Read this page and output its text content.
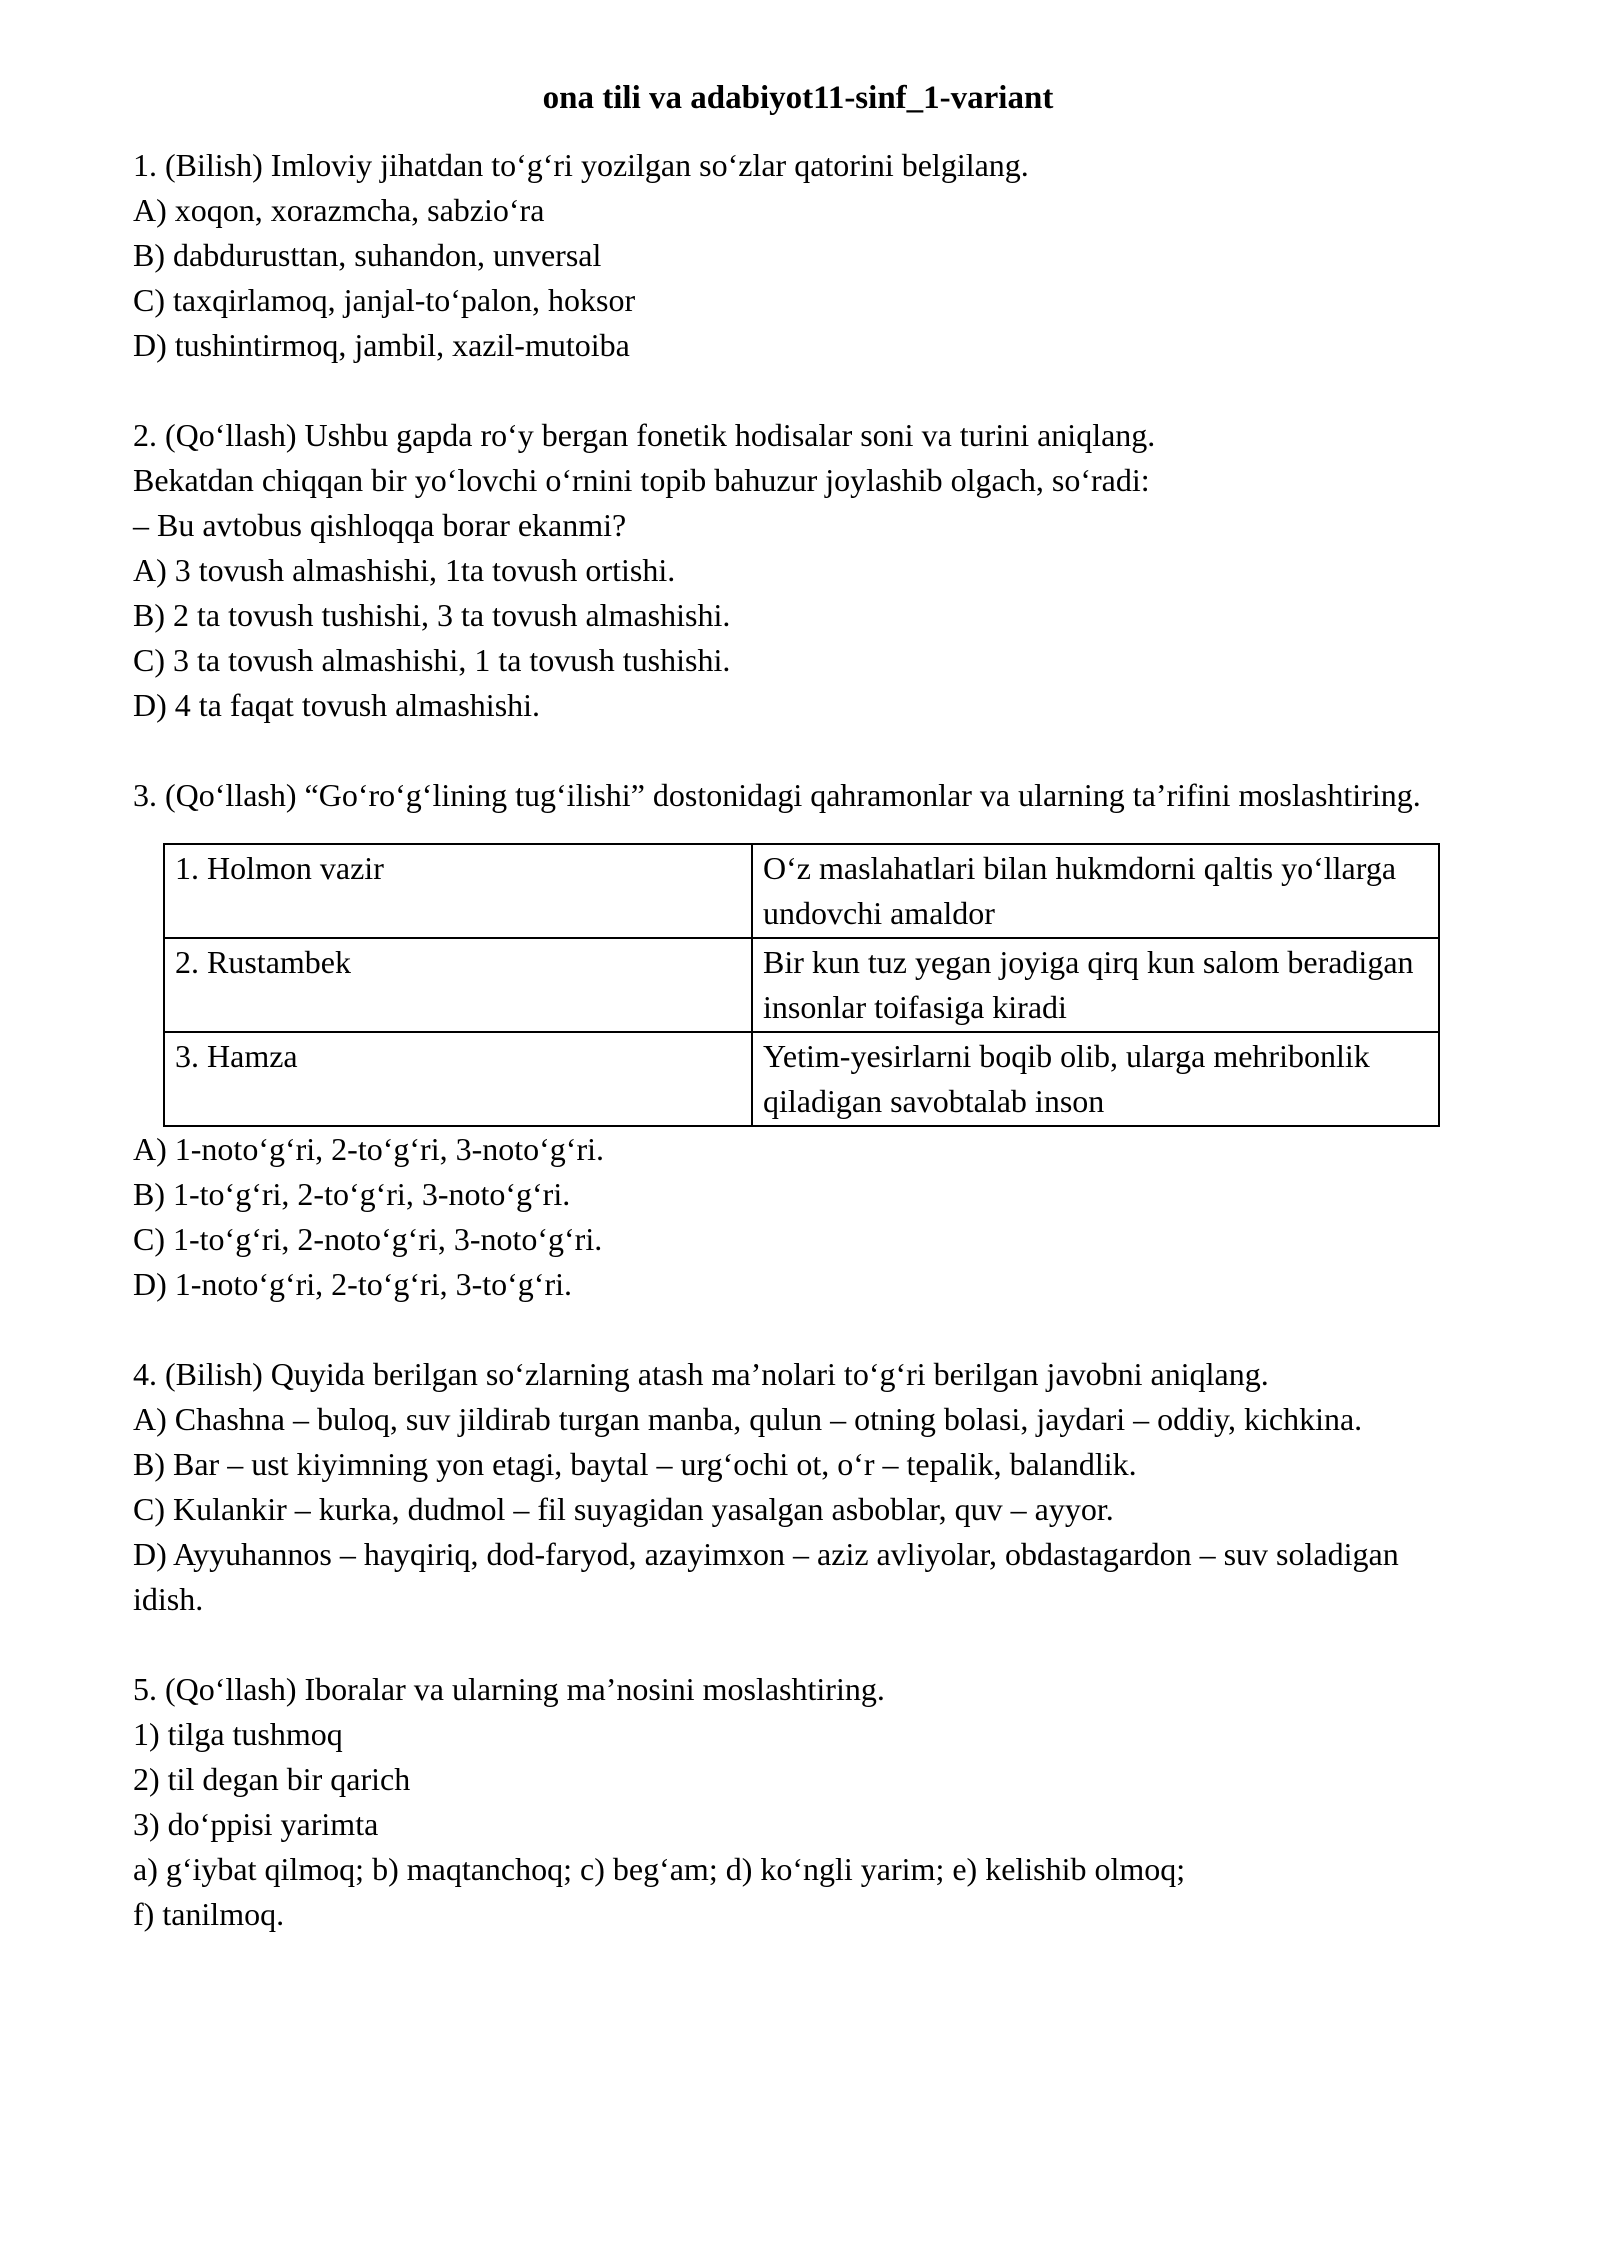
ona tili va adabiyot11-sinf_1-variant

1. (Bilish) Imloviy jihatdan to‘g‘ri yozilgan so‘zlar qatorini belgilang.

A) xoqon, xorazmcha, sabzio‘ra

B) dabdurusttan, suhandon, unversal

C) taxqirlamoq, janjal-to‘palon, hoksor

D) tushintirmoq, jambil, xazil-mutoiba

2. (Qo‘llash) Ushbu gapda ro‘y bergan fonetik hodisalar soni va turini aniqlang.

Bekatdan chiqqan bir yo‘lovchi o‘rnini topib bahuzur joylashib olgach, so‘radi:

– Bu avtobus qishloqqa borar ekanmi?

A) 3 tovush almashishi, 1ta tovush ortishi.

B) 2 ta tovush tushishi, 3 ta tovush almashishi.

C) 3 ta tovush almashishi, 1 ta tovush tushishi.

D) 4 ta faqat tovush almashishi.

3. (Qo‘llash) “Go‘ro‘g‘lining tug‘ilishi” dostonidagi qahramonlar va ularning ta’rifini moslashtiring.

1. Holmon vazir	O‘z maslahatlari bilan hukmdorni qaltis yo‘llarga undovchi amaldor
2. Rustambek	Bir kun tuz yegan joyiga qirq kun salom beradigan insonlar toifasiga kiradi
3. Hamza	Yetim-yesirlarni boqib olib, ularga mehribonlik qiladigan savobtalab inson

A) 1-noto‘g‘ri, 2-to‘g‘ri, 3-noto‘g‘ri.

B) 1-to‘g‘ri, 2-to‘g‘ri, 3-noto‘g‘ri.

C) 1-to‘g‘ri, 2-noto‘g‘ri, 3-noto‘g‘ri.

D) 1-noto‘g‘ri, 2-to‘g‘ri, 3-to‘g‘ri.

4. (Bilish) Quyida berilgan so‘zlarning atash ma’nolari to‘g‘ri berilgan javobni aniqlang.

A) Chashna – buloq, suv jildirab turgan manba, qulun – otning bolasi, jaydari – oddiy, kichkina.

B) Bar – ust kiyimning yon etagi, baytal – urg‘ochi ot, o‘r – tepalik, balandlik.

C) Kulankir – kurka, dudmol – fil suyagidan yasalgan asboblar, quv – ayyor.

D) Ayyuhannos – hayqiriq, dod-faryod, azayimxon – aziz avliyolar, obdastagardon – suv soladigan idish.

5. (Qo‘llash) Iboralar va ularning ma’nosini moslashtiring.

1) tilga tushmoq

2) til degan bir qarich

3) do‘ppisi yarimta

a) g‘iybat qilmoq; b) maqtanchoq; c) beg‘am; d) ko‘ngli yarim; e) kelishib olmoq;

f) tanilmoq.
